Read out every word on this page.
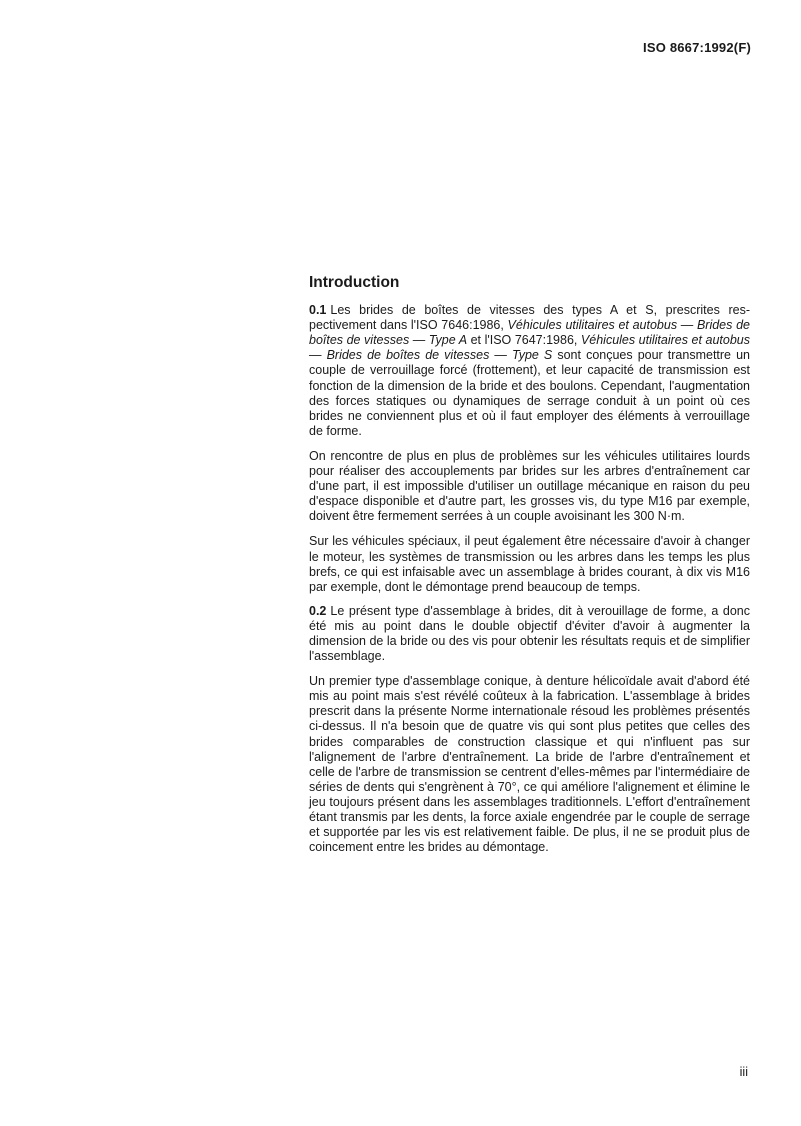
ISO 8667:1992(F)
Introduction

0.1 Les brides de boîtes de vitesses des types A et S, prescrites respectivement dans l'ISO 7646:1986, Véhicules utilitaires et autobus — Brides de boîtes de vitesses — Type A et l'ISO 7647:1986, Véhicules utilitaires et autobus — Brides de boîtes de vitesses — Type S sont conçues pour transmettre un couple de verrouillage forcé (frottement), et leur capacité de transmission est fonction de la dimension de la bride et des boulons. Cependant, l'augmentation des forces statiques ou dynamiques de serrage conduit à un point où ces brides ne conviennent plus et où il faut employer des éléments à verrouillage de forme.

On rencontre de plus en plus de problèmes sur les véhicules utilitaires lourds pour réaliser des accouplements par brides sur les arbres d'entraînement car d'une part, il est impossible d'utiliser un outillage mécanique en raison du peu d'espace disponible et d'autre part, les grosses vis, du type M16 par exemple, doivent être fermement serrées à un couple avoisinant les 300 N·m.

Sur les véhicules spéciaux, il peut également être nécessaire d'avoir à changer le moteur, les systèmes de transmission ou les arbres dans les temps les plus brefs, ce qui est infaisable avec un assemblage à brides courant, à dix vis M16 par exemple, dont le démontage prend beaucoup de temps.

0.2 Le présent type d'assemblage à brides, dit à verouillage de forme, a donc été mis au point dans le double objectif d'éviter d'avoir à augmenter la dimension de la bride ou des vis pour obtenir les résultats requis et de simplifier l'assemblage.

Un premier type d'assemblage conique, à denture hélicoïdale avait d'abord été mis au point mais s'est révélé coûteux à la fabrication. L'assemblage à brides prescrit dans la présente Norme internationale résoud les problèmes présentés ci-dessus. Il n'a besoin que de quatre vis qui sont plus petites que celles des brides comparables de construction classique et qui n'influent pas sur l'alignement de l'arbre d'entraînement. La bride de l'arbre d'entraînement et celle de l'arbre de transmission se centrent d'elles-mêmes par l'intermédiaire de séries de dents qui s'engrènent à 70°, ce qui améliore l'alignement et élimine le jeu toujours présent dans les assemblages traditionnels. L'effort d'entraînement étant transmis par les dents, la force axiale engendrée par le couple de serrage et supportée par les vis est relativement faible. De plus, il ne se produit plus de coincement entre les brides au démontage.

iii
